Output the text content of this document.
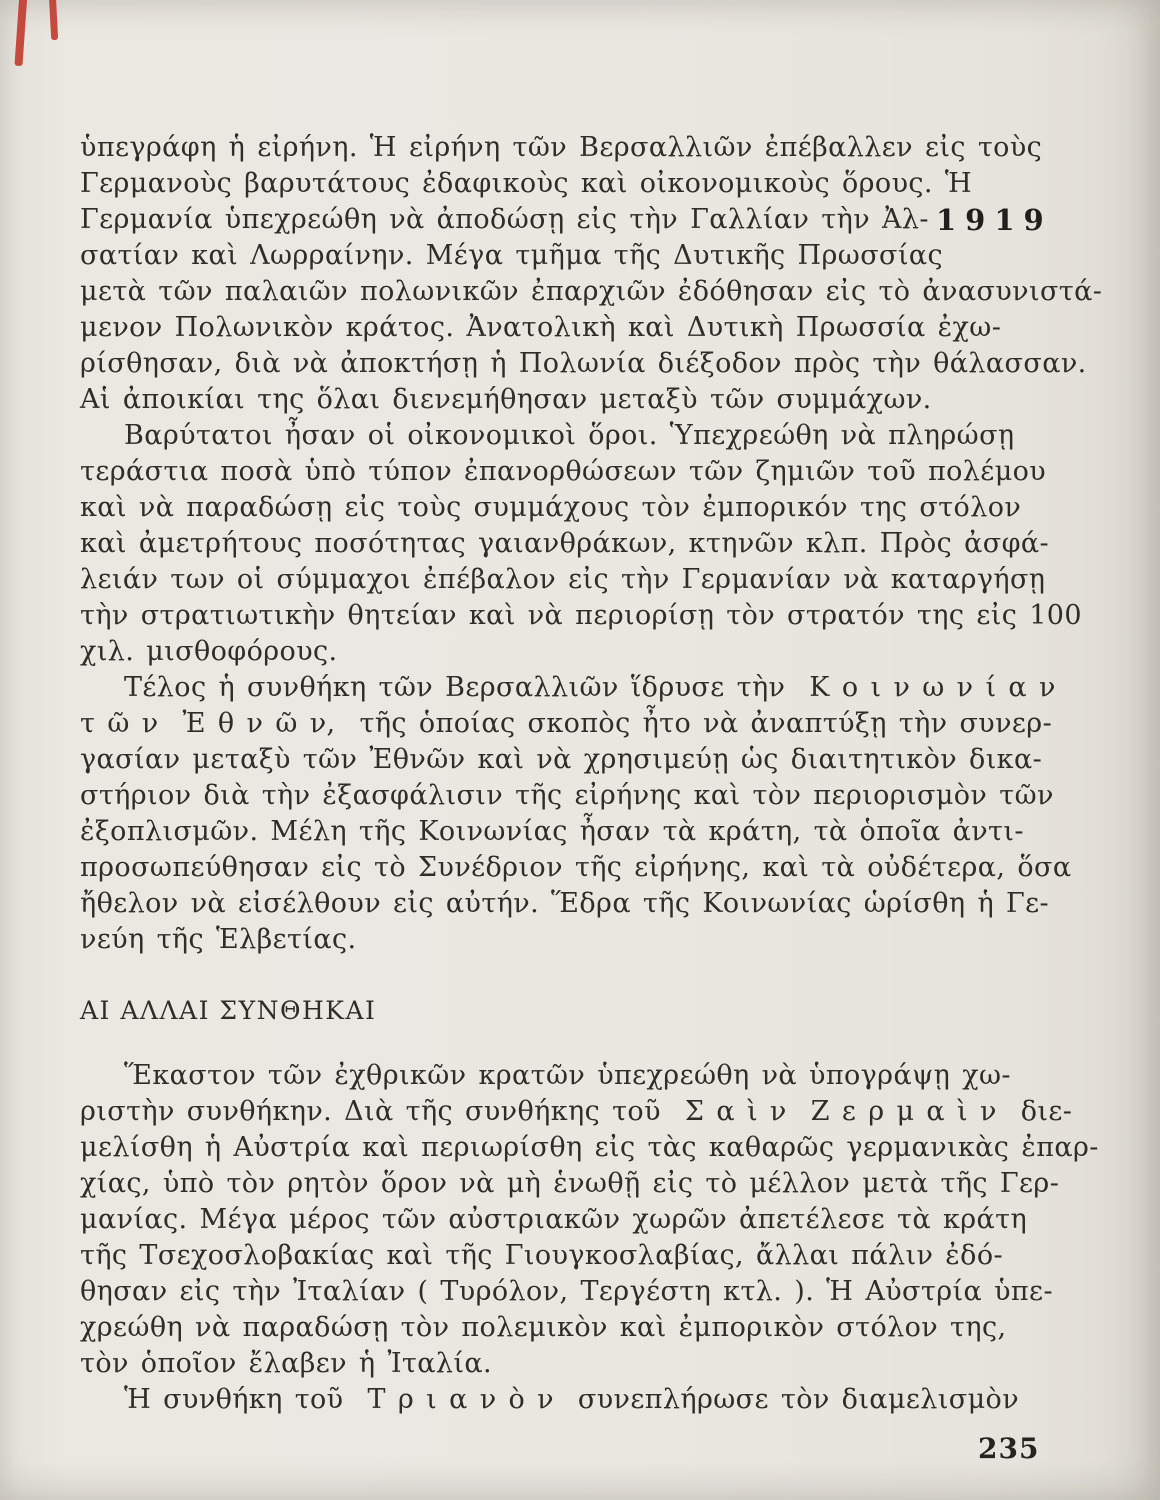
1919
ὑπεγράφη ἡ εἰρήνη. Ἡ εἰρήνη τῶν Βερσαλλιῶν ἐπέβαλλεν εἰς τοὺς
Γερμανοὺς βαρυτάτους ἐδαφικοὺς καὶ οἰκονομικοὺς ὅρους. Ἡ
Γερμανία ὑπεχρεώθη νὰ ἀποδώσῃ εἰς τὴν Γαλλίαν τὴν Ἀλ-
σατίαν καὶ Λωρραίνην. Μέγα τμῆμα τῆς Δυτικῆς Πρωσσίας
μετὰ τῶν παλαιῶν πολωνικῶν ἐπαρχιῶν ἐδόθησαν εἰς τὸ ἀνασυνιστά-
μενον Πολωνικὸν κράτος. Ἀνατολικὴ καὶ Δυτικὴ Πρωσσία ἐχω-
ρίσθησαν, διὰ νὰ ἀποκτήσῃ ἡ Πολωνία διέξοδον πρὸς τὴν θάλασσαν.
Αἱ ἀποικίαι της ὅλαι διενεμήθησαν μεταξὺ τῶν συμμάχων.
Βαρύτατοι ἦσαν οἱ οἰκονομικοὶ ὅροι. Ὑπεχρεώθη νὰ πληρώσῃ
τεράστια ποσὰ ὑπὸ τύπον ἐπανορθώσεων τῶν ζημιῶν τοῦ πολέμου
καὶ νὰ παραδώσῃ εἰς τοὺς συμμάχους τὸν ἐμπορικόν της στόλον
καὶ ἀμετρήτους ποσότητας γαιανθράκων, κτηνῶν κλπ. Πρὸς ἀσφά-
λειάν των οἱ σύμμαχοι ἐπέβαλον εἰς τὴν Γερμανίαν νὰ καταργήσῃ
τὴν στρατιωτικὴν θητείαν καὶ νὰ περιορίσῃ τὸν στρατόν της εἰς 100
χιλ. μισθοφόρους.
Τέλος ἡ συνθήκη τῶν Βερσαλλιῶν ἵδρυσε τὴν  Κ ο ι ν ω ν ί α ν
τ ῶ ν  Ἐ θ ν ῶ ν,  τῆς ὁποίας σκοπὸς ἦτο νὰ ἀναπτύξῃ τὴν συνερ-
γασίαν μεταξὺ τῶν Ἐθνῶν καὶ νὰ χρησιμεύῃ ὡς διαιτητικὸν δικα-
στήριον διὰ τὴν ἐξασφάλισιν τῆς εἰρήνης καὶ τὸν περιορισμὸν τῶν
ἐξοπλισμῶν. Μέλη τῆς Κοινωνίας ἦσαν τὰ κράτη, τὰ ὁποῖα ἀντι-
προσωπεύθησαν εἰς τὸ Συνέδριον τῆς εἰρήνης, καὶ τὰ οὐδέτερα, ὅσα
ἤθελον νὰ εἰσέλθουν εἰς αὐτήν. Ἕδρα τῆς Κοινωνίας ὡρίσθη ἡ Γε-
νεύη τῆς Ἑλβετίας.
ΑΙ ΑΛΛΑΙ ΣΥΝΘΗΚΑΙ
Ἕκαστον τῶν ἐχθρικῶν κρατῶν ὑπεχρεώθη νὰ ὑπογράψῃ χω-
ριστὴν συνθήκην. Διὰ τῆς συνθήκης τοῦ  Σ α ὶ ν  Ζ ε ρ μ α ὶ ν  διε-
μελίσθη ἡ Αὐστρία καὶ περιωρίσθη εἰς τὰς καθαρῶς γερμανικὰς ἐπαρ-
χίας, ὑπὸ τὸν ρητὸν ὅρον νὰ μὴ ἑνωθῇ εἰς τὸ μέλλον μετὰ τῆς Γερ-
μανίας. Μέγα μέρος τῶν αὐστριακῶν χωρῶν ἀπετέλεσε τὰ κράτη
τῆς Τσεχοσλοβακίας καὶ τῆς Γιουγκοσλαβίας, ἄλλαι πάλιν ἐδό-
θησαν εἰς τὴν Ἰταλίαν ( Τυρόλον, Τεργέστη κτλ. ). Ἡ Αὐστρία ὑπε-
χρεώθη νὰ παραδώσῃ τὸν πολεμικὸν καὶ ἐμπορικὸν στόλον της,
τὸν ὁποῖον ἔλαβεν ἡ Ἰταλία.
Ἡ συνθήκη τοῦ  Τ ρ ι α ν ὸ ν  συνεπλήρωσε τὸν διαμελισμὸν
235
